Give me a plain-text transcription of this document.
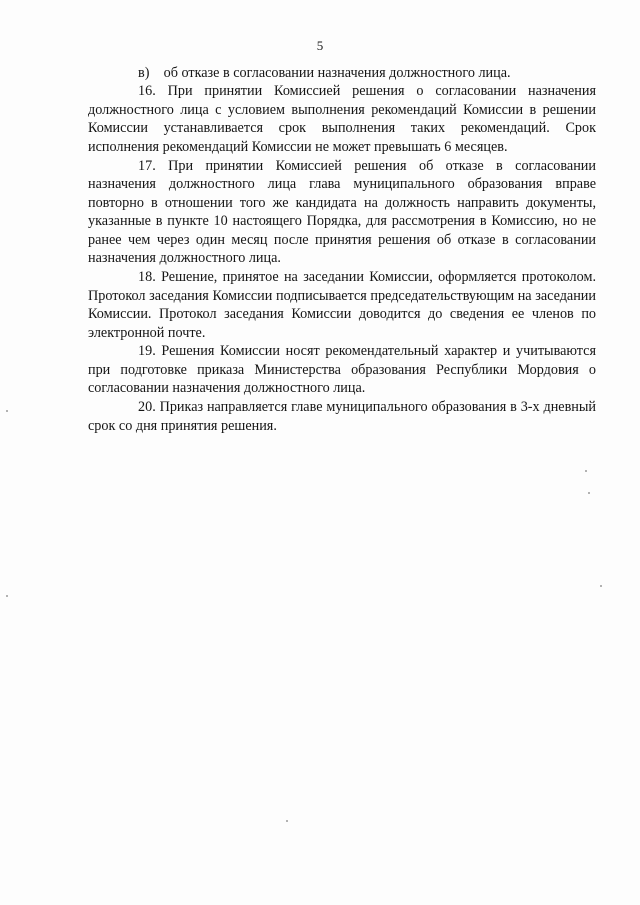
5

в)    об отказе в согласовании назначения должностного лица.

16. При принятии Комиссией решения о согласовании назначения должностного лица с условием выполнения рекомендаций Комиссии в решении Комиссии устанавливается срок выполнения таких рекомендаций. Срок исполнения рекомендаций Комиссии не может превышать 6 месяцев.

17. При принятии Комиссией решения об отказе в согласовании назначения должностного лица глава муниципального образования вправе повторно в отношении того же кандидата на должность направить документы, указанные в пункте 10 настоящего Порядка, для рассмотрения в Комиссию, но не ранее чем через один месяц после принятия решения об отказе в согласовании назначения должностного лица.

18. Решение, принятое на заседании Комиссии, оформляется протоколом. Протокол заседания Комиссии подписывается председательствующим на заседании Комиссии. Протокол заседания Комиссии доводится до сведения ее членов по электронной почте.

19. Решения Комиссии носят рекомендательный характер и учитываются при подготовке приказа Министерства образования Республики Мордовия о согласовании назначения должностного лица.

20. Приказ направляется главе муниципального образования в 3-х дневный срок со дня принятия решения.
